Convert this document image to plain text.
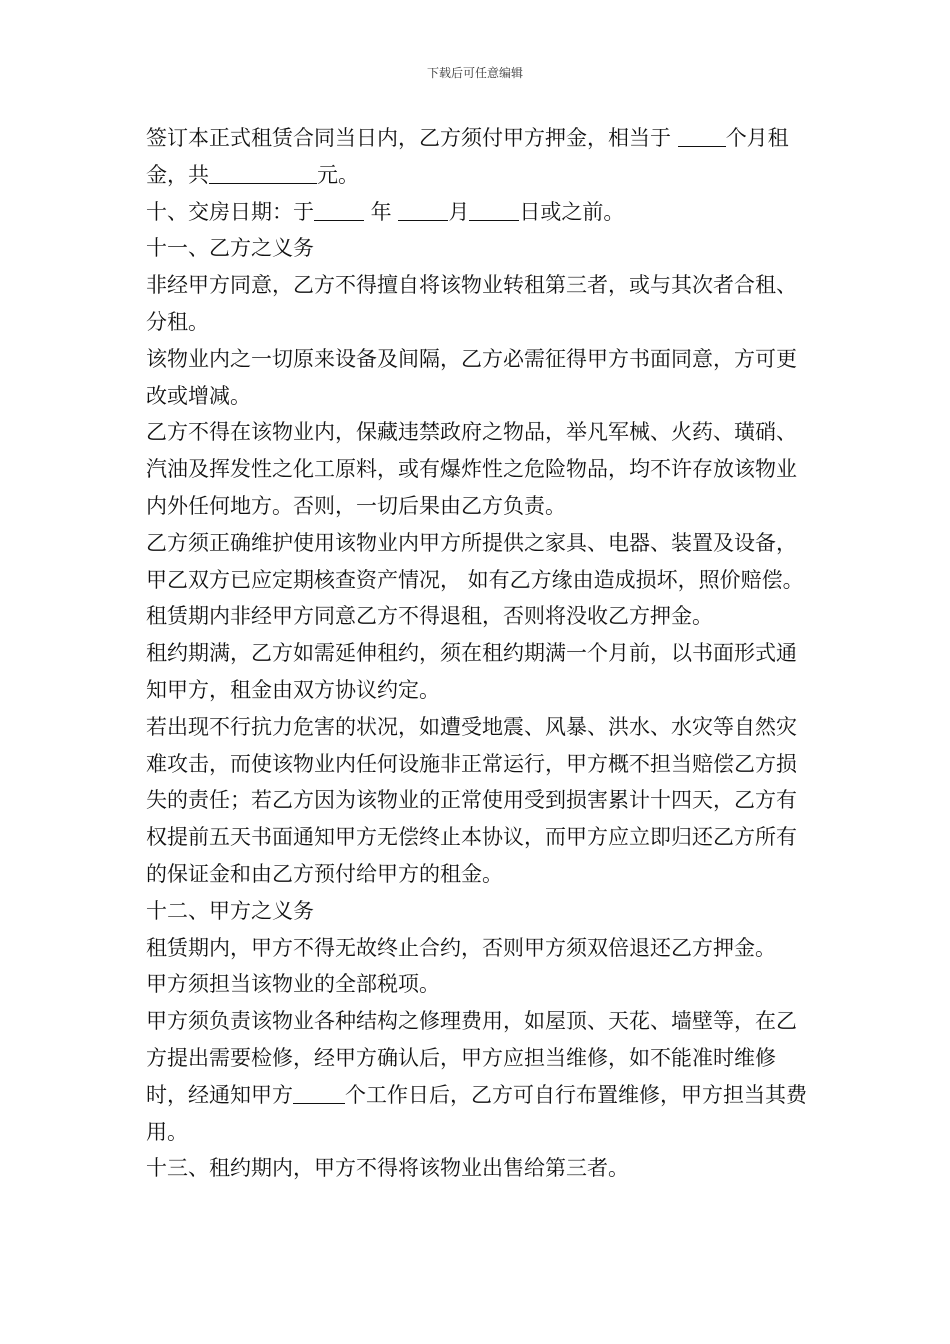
下载后可任意编辑

签订本正式租赁合同当日内，乙方须付甲方押金，相当于 个月租金，共	元。

十、交房日期：于 年 月 日或之前。

十一、乙方之义务

非经甲方同意，乙方不得擅自将该物业转租第三者，或与其次者合租、分租。

该物业内之一切原来设备及间隔，乙方必需征得甲方书面同意，方可更改或增减。

乙方不得在该物业内，保藏违禁政府之物品，举凡军械、火药、璜硝、汽油及挥发性之化工原料，或有爆炸性之危险物品，均不许存放该物业内外任何地方。否则，一切后果由乙方负责。

乙方须正确维护使用该物业内甲方所提供之家具、电器、装置及设备，甲乙双方已应定期核查资产情况， 如有乙方缘由造成损坏，照价赔偿。

租赁期内非经甲方同意乙方不得退租，否则将没收乙方押金。

租约期满，乙方如需延伸租约，须在租约期满一个月前，以书面形式通知甲方，租金由双方协议约定。

若出现不行抗力危害的状况，如遭受地震、风暴、洪水、水灾等自然灾难攻击，而使该物业内任何设施非正常运行，甲方概不担当赔偿乙方损失的责任；若乙方因为该物业的正常使用受到损害累计十四天，乙方有权提前五天书面通知甲方无偿终止本协议，而甲方应立即归还乙方所有的保证金和由乙方预付给甲方的租金。

十二、甲方之义务

租赁期内，甲方不得无故终止合约，否则甲方须双倍退还乙方押金。

甲方须担当该物业的全部税项。

甲方须负责该物业各种结构之修理费用，如屋顶、天花、墙壁等，在乙方提出需要检修，经甲方确认后，甲方应担当维修，如不能准时维修时，经通知甲方 个工作日后，乙方可自行布置维修，甲方担当其费用。

十三、租约期内，甲方不得将该物业出售给第三者。
